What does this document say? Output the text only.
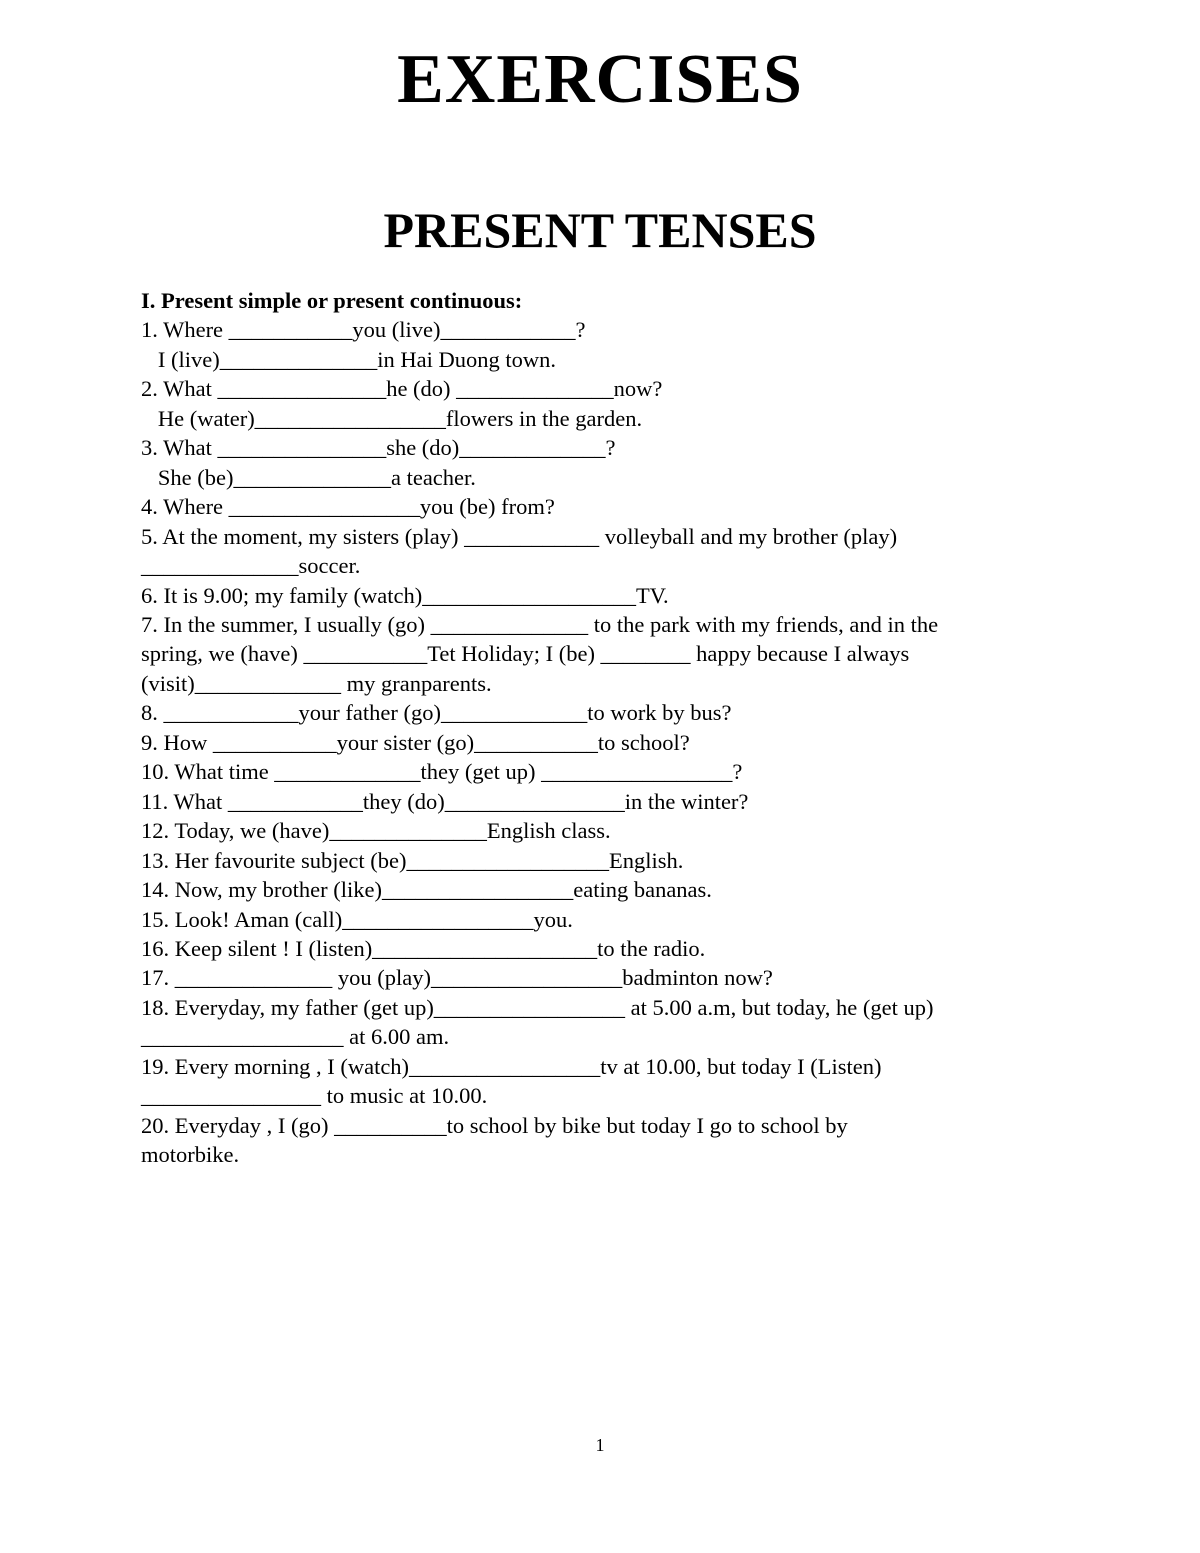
EXERCISES
PRESENT TENSES
I. Present simple or present continuous:
1. Where ___________you (live)____________?
I (live)______________in Hai Duong town.
2. What _______________he (do) ______________now?
He (water)_________________flowers in the garden.
3. What _______________she (do)_____________?
She (be)______________a teacher.
4. Where _________________you (be) from?
5. At the moment, my sisters (play) ____________ volleyball and my brother (play)
______________soccer.
6. It is 9.00; my family (watch)___________________TV.
7. In the summer, I usually (go) ______________ to the park with my friends, and in the
spring, we (have) ___________Tet Holiday; I (be) ________ happy because I always
(visit)_____________ my granparents.
8. ____________your father (go)_____________to work by bus?
9. How ___________your sister (go)___________to school?
10. What time _____________they (get up) _________________?
11. What ____________they (do)________________in the winter?
12. Today, we (have)______________English class.
13. Her favourite subject (be)__________________English.
14. Now, my brother (like)_________________eating bananas.
15. Look! Aman (call)_________________you.
16. Keep silent ! I (listen)____________________to the radio.
17. ______________ you (play)_________________badminton now?
18. Everyday, my father (get up)_________________ at 5.00 a.m, but today, he (get up)
__________________ at 6.00 am.
19. Every morning , I (watch)_________________tv at 10.00, but today I (Listen)
________________ to music at 10.00.
20. Everyday , I (go) __________to school by bike but today I go to school by
motorbike.
1
